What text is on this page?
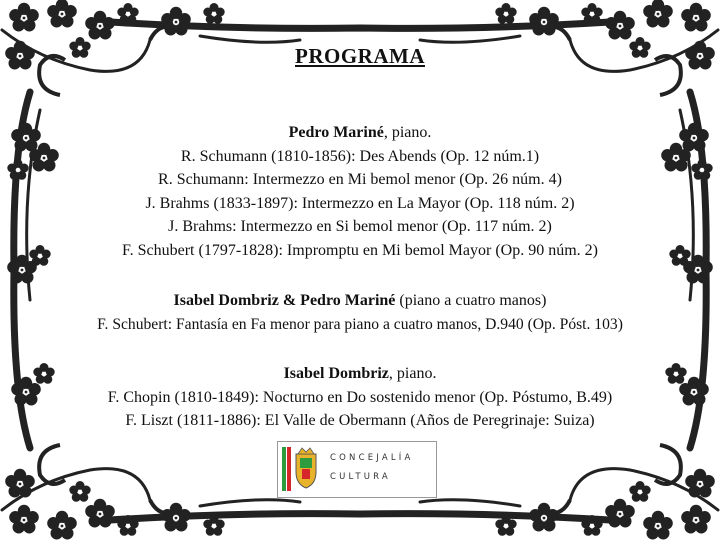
PROGRAMA
Pedro Mariné, piano.
R. Schumann (1810-1856): Des Abends (Op. 12 núm.1)
R. Schumann: Intermezzo en Mi bemol menor (Op. 26 núm. 4)
J. Brahms (1833-1897): Intermezzo en La Mayor (Op. 118 núm. 2)
J. Brahms: Intermezzo en Si bemol menor (Op. 117 núm. 2)
F. Schubert (1797-1828): Impromptu en Mi bemol Mayor (Op. 90 núm. 2)
Isabel Dombriz & Pedro Mariné (piano a cuatro manos)
F. Schubert: Fantasía en Fa menor para piano a cuatro manos, D.940 (Op. Póst. 103)
Isabel Dombriz, piano.
F. Chopin (1810-1849): Nocturno en Do sostenido menor (Op. Póstumo, B.49)
F. Liszt (1811-1886): El Valle de Obermann (Años de Peregrinaje: Suiza)
CONCEJALÍA
CULTURA
